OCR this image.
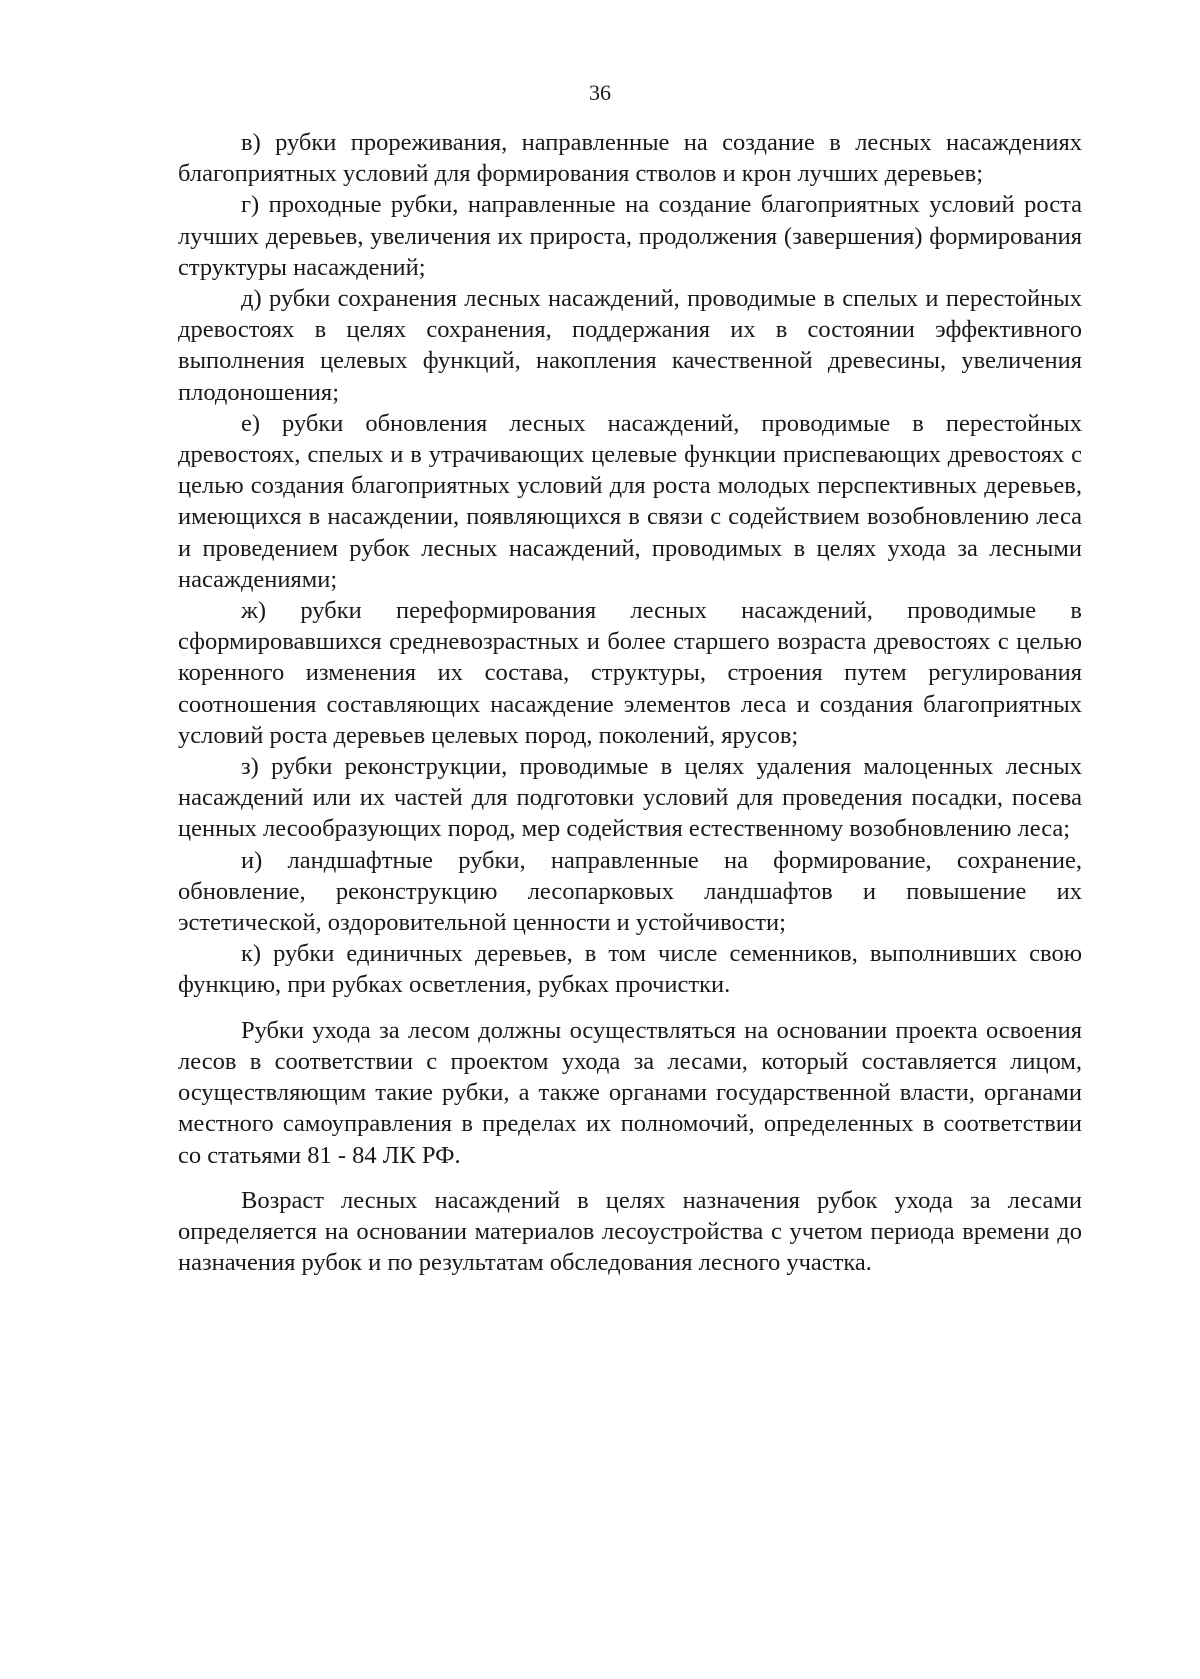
36

в) рубки прореживания, направленные на создание в лесных насаждениях благоприятных условий для формирования стволов и крон лучших деревьев;

г) проходные рубки, направленные на создание благоприятных условий роста лучших деревьев, увеличения их прироста, продолжения (завершения) формирования структуры насаждений;

д) рубки сохранения лесных насаждений, проводимые в спелых и перестойных древостоях в целях сохранения, поддержания их в состоянии эффективного выполнения целевых функций, накопления качественной древесины, увеличения плодоношения;

е) рубки обновления лесных насаждений, проводимые в перестойных древостоях, спелых и в утрачивающих целевые функции приспевающих древостоях с целью создания благоприятных условий для роста молодых перспективных деревьев, имеющихся в насаждении, появляющихся в связи с содействием возобновлению леса и проведением рубок лесных насаждений, проводимых в целях ухода за лесными насаждениями;

ж) рубки переформирования лесных насаждений, проводимые в сформировавшихся средневозрастных и более старшего возраста древостоях с целью коренного изменения их состава, структуры, строения путем регулирования соотношения составляющих насаждение элементов леса и создания благоприятных условий роста деревьев целевых пород, поколений, ярусов;

з) рубки реконструкции, проводимые в целях удаления малоценных лесных насаждений или их частей для подготовки условий для проведения посадки, посева ценных лесообразующих пород, мер содействия естественному возобновлению леса;

и) ландшафтные рубки, направленные на формирование, сохранение, обновление, реконструкцию лесопарковых ландшафтов и повышение их эстетической, оздоровительной ценности и устойчивости;

к) рубки единичных деревьев, в том числе семенников, выполнивших свою функцию, при рубках осветления, рубках прочистки.

Рубки ухода за лесом должны осуществляться на основании проекта освоения лесов в соответствии с проектом ухода за лесами, который составляется лицом, осуществляющим такие рубки, а также органами государственной власти, органами местного самоуправления в пределах их полномочий, определенных в соответствии со статьями 81 - 84 ЛК РФ.

Возраст лесных насаждений в целях назначения рубок ухода за лесами определяется на основании материалов лесоустройства с учетом периода времени до назначения рубок и по результатам обследования лесного участка.
